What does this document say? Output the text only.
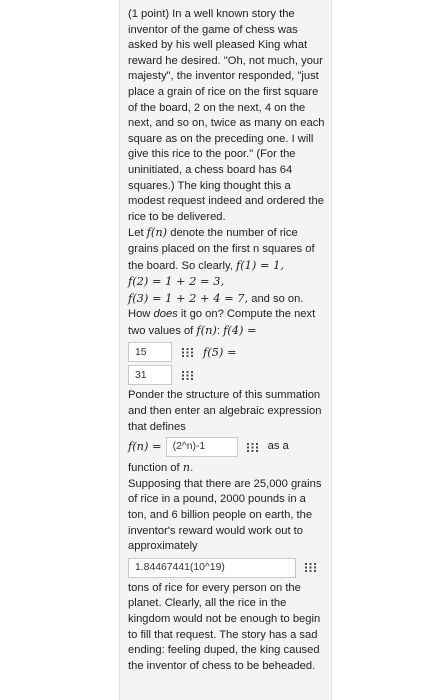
(1 point) In a well known story the inventor of the game of chess was asked by his well pleased King what reward he desired. "Oh, not much, your majesty", the inventor responded, "just place a grain of rice on the first square of the board, 2 on the next, 4 on the next, and so on, twice as many on each square as on the preceding one. I will give this rice to the poor." (For the uninitiated, a chess board has 64 squares.) The king thought this a modest request indeed and ordered the rice to be delivered.

Let f(n) denote the number of rice grains placed on the first n squares of the board. So clearly, f(1) = 1,
f(2) = 1 + 2 = 3,
f(3) = 1 + 2 + 4 = 7, and so on.
How does it go on? Compute the next two values of f(n): f(4) =

15	f(5) =
31

Ponder the structure of this summation and then enter an algebraic expression that defines

f(n) =	(2^n)-1	as a

function of n.

Supposing that there are 25,000 grains of rice in a pound, 2000 pounds in a ton, and 6 billion people on earth, the inventor's reward would work out to approximately

1.84467441(10^19)

tons of rice for every person on the planet. Clearly, all the rice in the kingdom would not be enough to begin to fill that request. The story has a sad ending: feeling duped, the king caused the inventor of chess to be beheaded.
